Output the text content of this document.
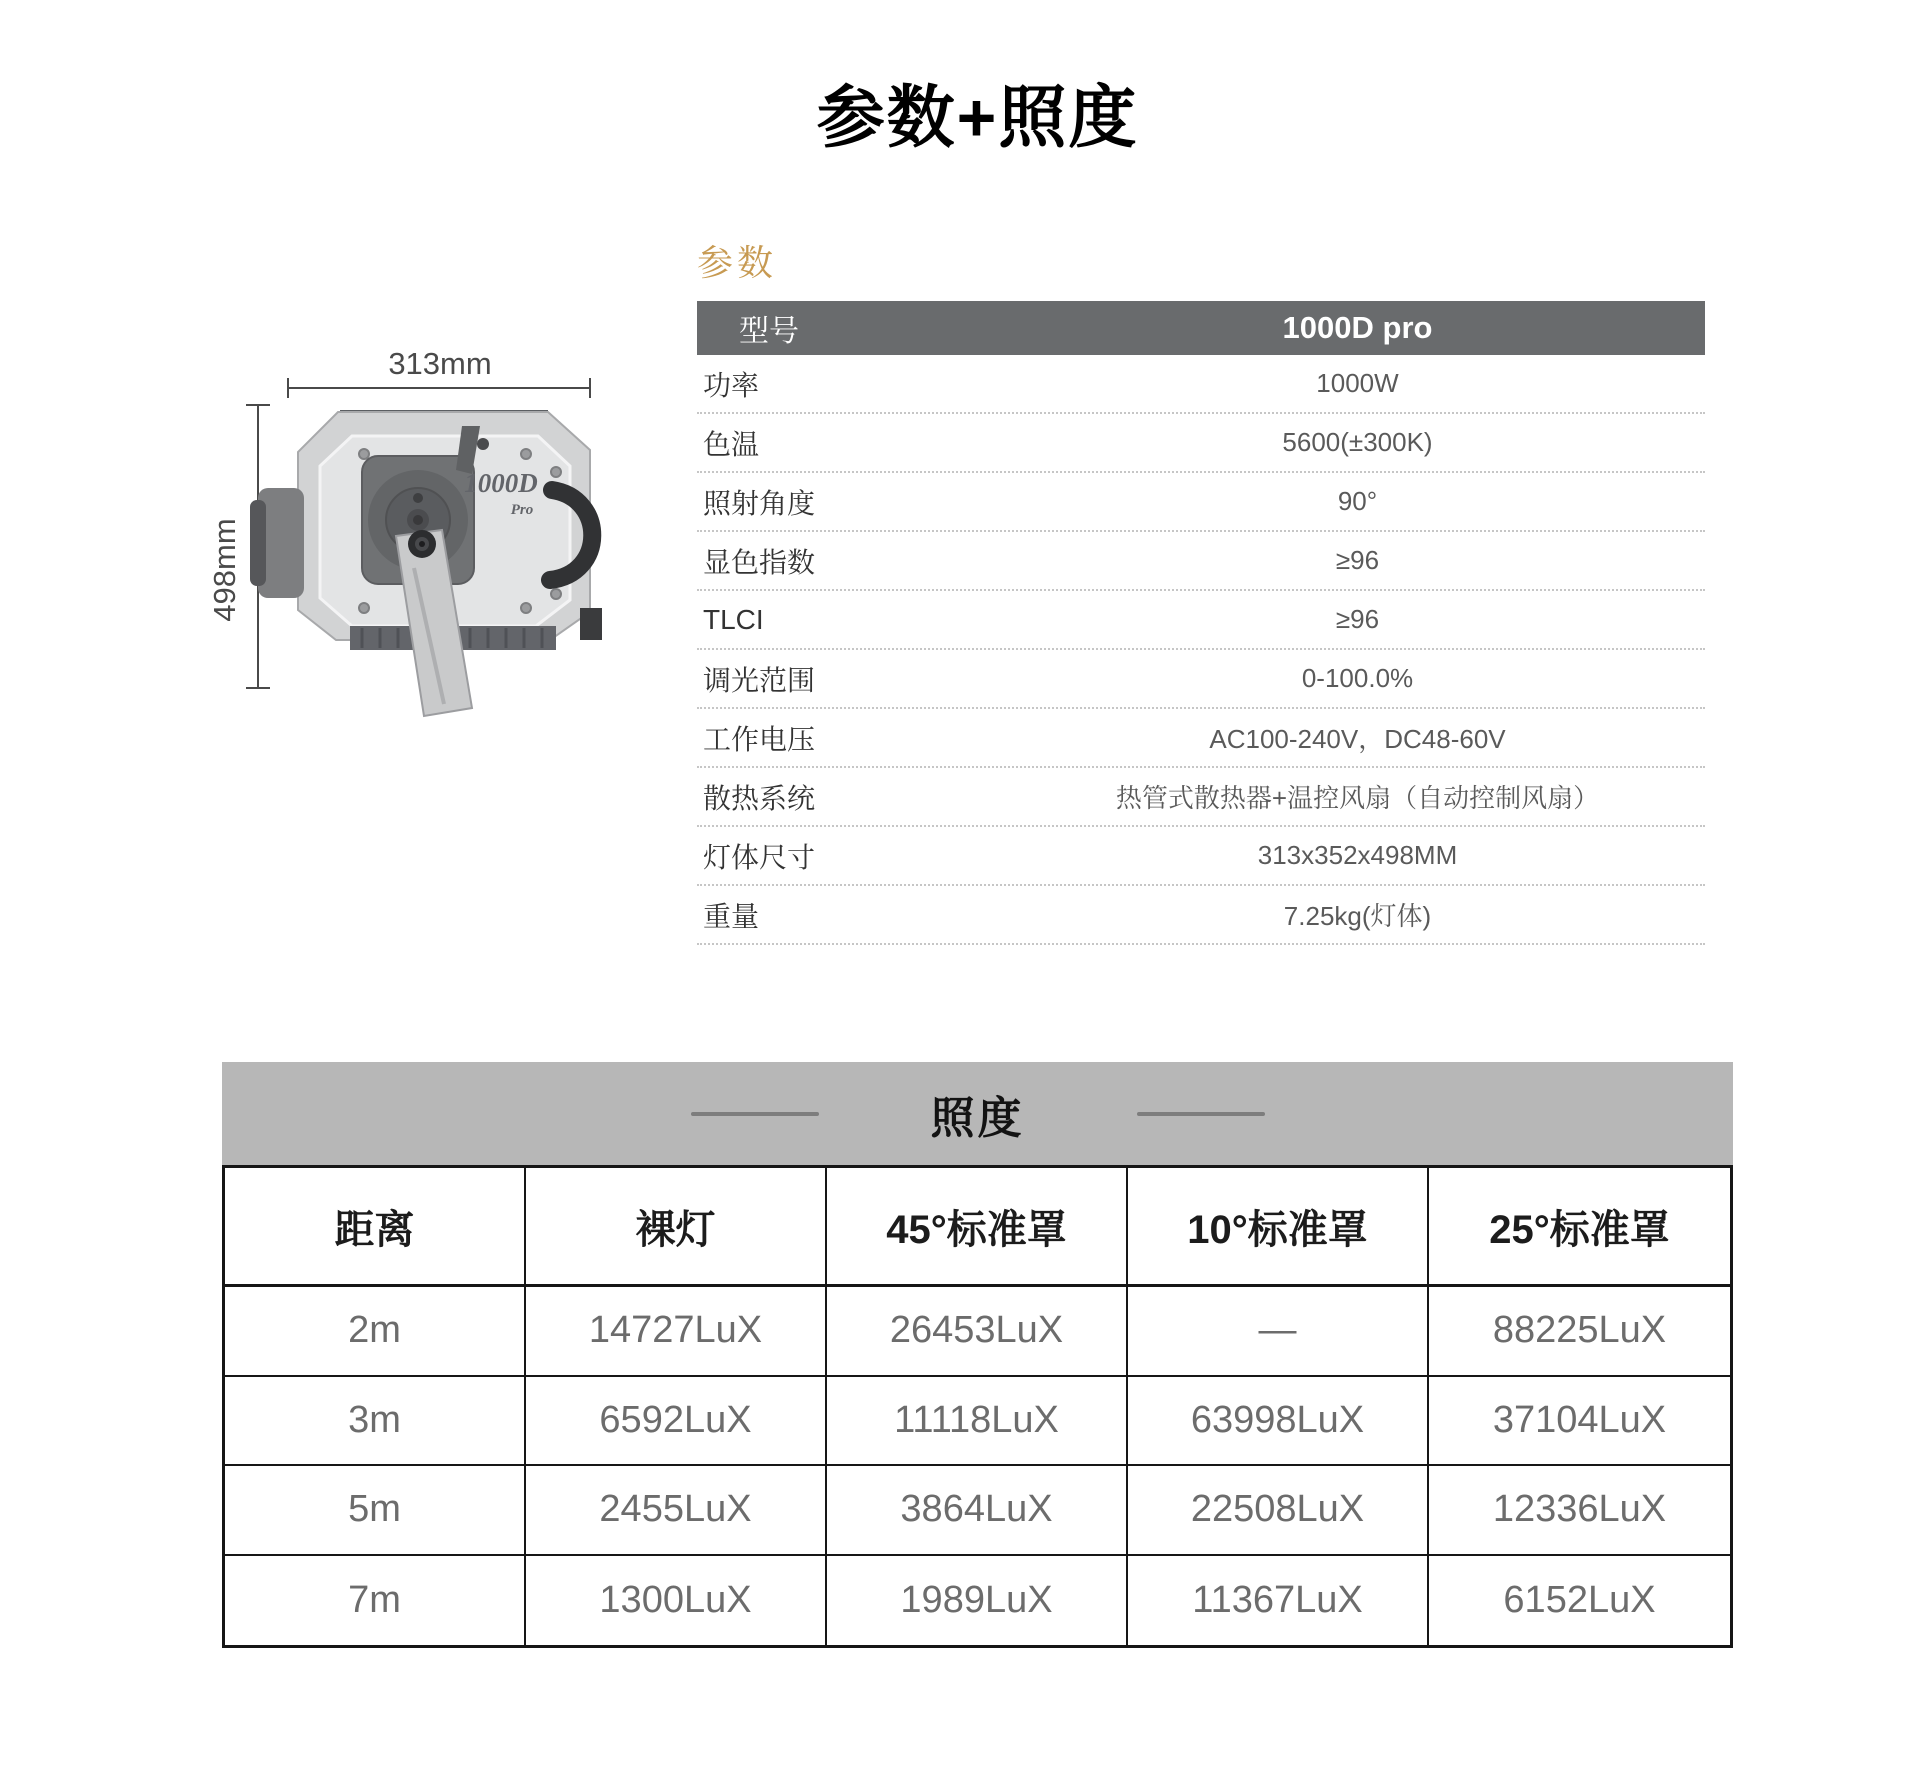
参数+照度
313mm
498mm
1000D
Pro
参数
型号	1000D pro
功率	1000W
色温	5600(±300K)
照射角度	90°
显色指数	≥96
TLCI	≥96
调光范围	0-100.0%
工作电压	AC100-240V，DC48-60V
散热系统	热管式散热器+温控风扇（自动控制风扇）
灯体尺寸	313x352x498MM
重量	7.25kg(灯体)
照度
距离	裸灯	45°标准罩	10°标准罩	25°标准罩
2m	14727LuX	26453LuX	—	88225LuX
3m	6592LuX	11118LuX	63998LuX	37104LuX
5m	2455LuX	3864LuX	22508LuX	12336LuX
7m	1300LuX	1989LuX	11367LuX	6152LuX
